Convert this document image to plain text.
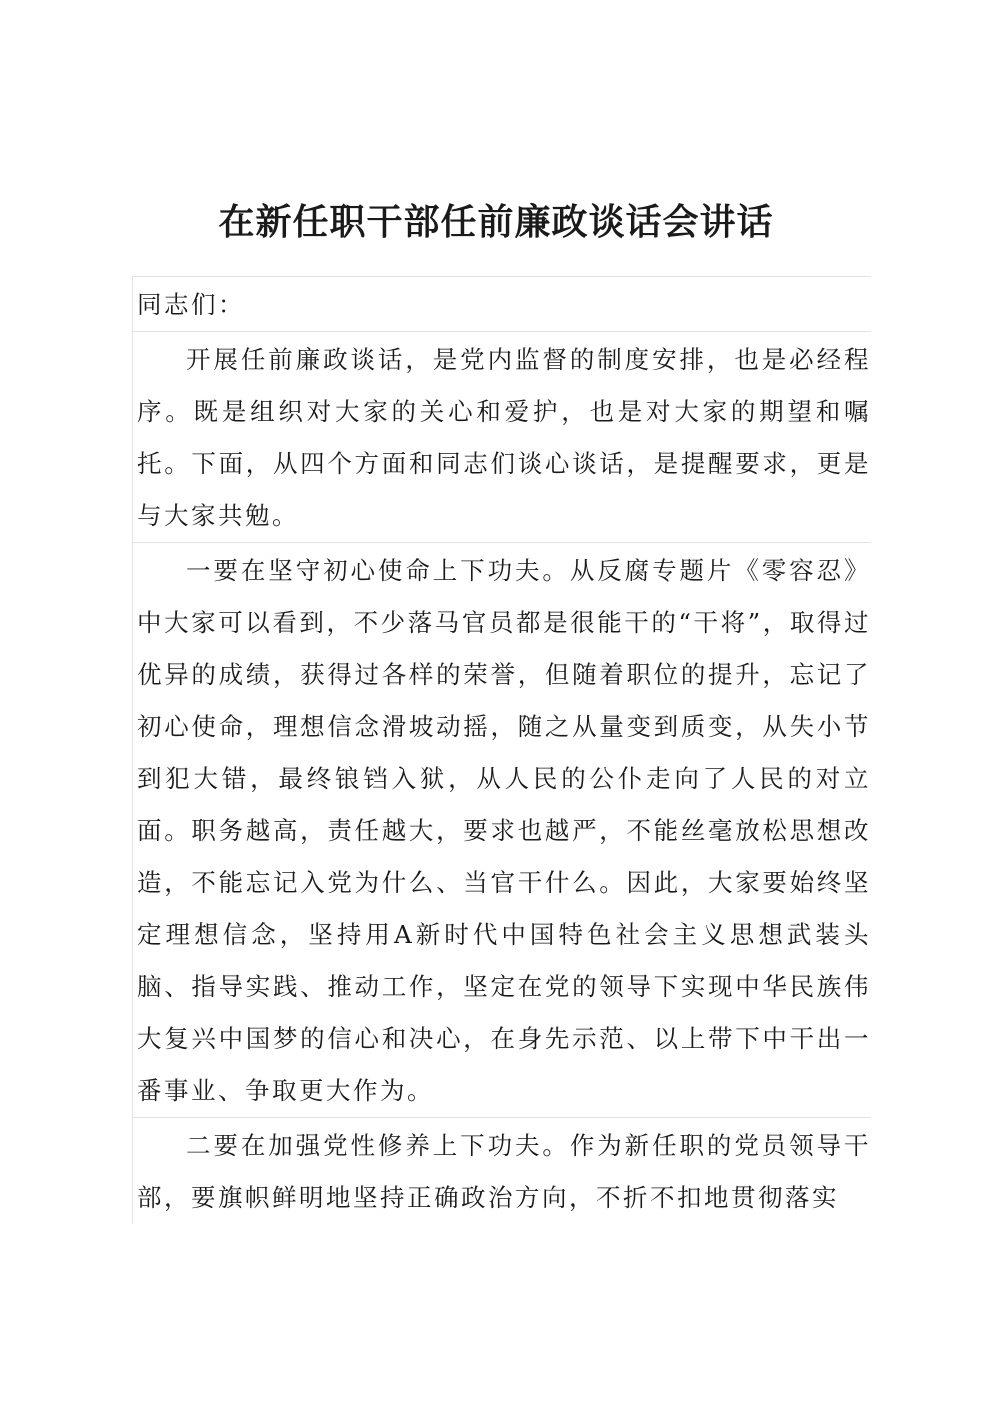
在新任职干部任前廉政谈话会讲话

同志们：

开展任前廉政谈话，是党内监督的制度安排，也是必经程序。既是组织对大家的关心和爱护，也是对大家的期望和嘱托。下面，从四个方面和同志们谈心谈话，是提醒要求，更是与大家共勉。

一要在坚守初心使命上下功夫。从反腐专题片《零容忍》中大家可以看到，不少落马官员都是很能干的“干将”，取得过优异的成绩，获得过各样的荣誉，但随着职位的提升，忘记了初心使命，理想信念滑坡动摇，随之从量变到质变，从失小节到犯大错，最终锒铛入狱，从人民的公仆走向了人民的对立面。职务越高，责任越大，要求也越严，不能丝毫放松思想改造，不能忘记入党为什么、当官干什么。因此，大家要始终坚定理想信念，坚持用A新时代中国特色社会主义思想武装头脑、指导实践、推动工作，坚定在党的领导下实现中华民族伟大复兴中国梦的信心和决心，在身先示范、以上带下中干出一番事业、争取更大作为。

二要在加强党性修养上下功夫。作为新任职的党员领导干部，要旗帜鲜明地坚持正确政治方向，不折不扣地贯彻落实
